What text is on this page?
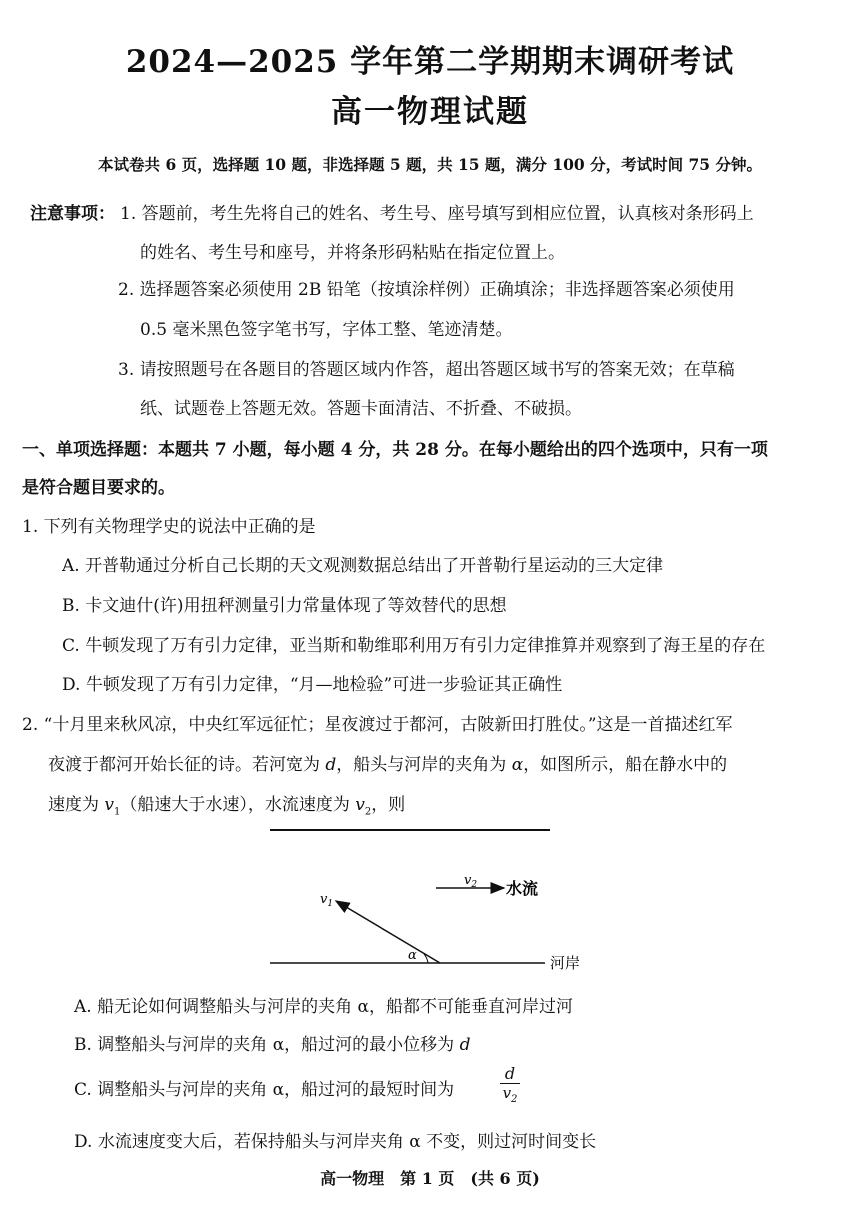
2024—2025 学年第二学期期末调研考试
高一物理试题
本试卷共 6 页，选择题 10 题，非选择题 5 题，共 15 题，满分 100 分，考试时间 75 分钟。
注意事项： 1. 答题前，考生先将自己的姓名、考生号、座号填写到相应位置，认真核对条形码上
的姓名、考生号和座号，并将条形码粘贴在指定位置上。
2. 选择题答案必须使用 2B 铅笔（按填涂样例）正确填涂；非选择题答案必须使用
0.5 毫米黑色签字笔书写，字体工整、笔迹清楚。
3. 请按照题号在各题目的答题区域内作答，超出答题区域书写的答案无效；在草稿
纸、试题卷上答题无效。答题卡面清洁、不折叠、不破损。
一、单项选择题：本题共 7 小题，每小题 4 分，共 28 分。在每小题给出的四个选项中，只有一项
是符合题目要求的。
1. 下列有关物理学史的说法中正确的是
A. 开普勒通过分析自己长期的天文观测数据总结出了开普勒行星运动的三大定律
B. 卡文迪什(许)用扭秤测量引力常量体现了等效替代的思想
C. 牛顿发现了万有引力定律，亚当斯和勒维耶利用万有引力定律推算并观察到了海王星的存在
D. 牛顿发现了万有引力定律，“月—地检验”可进一步验证其正确性
2. “十月里来秋风凉，中央红军远征忙；星夜渡过于都河，古陂新田打胜仗。”这是一首描述红军
夜渡于都河开始长征的诗。若河宽为 d，船头与河岸的夹角为 α，如图所示，船在静水中的
速度为 $v_1$（船速大于水速），水流速度为 $v_2$，则
$v_1$
$v_2$ 水流
α	河岸
A. 船无论如何调整船头与河岸的夹角 α，船都不可能垂直河岸过河
B. 调整船头与河岸的夹角 α，船过河的最小位移为 d
C. 调整船头与河岸的夹角 α，船过河的最短时间为	$\frac{d}{v_2}$
D. 水流速度变大后，若保持船头与河岸夹角 α 不变，则过河时间变长
高一物理　第 1 页　(共 6 页)
